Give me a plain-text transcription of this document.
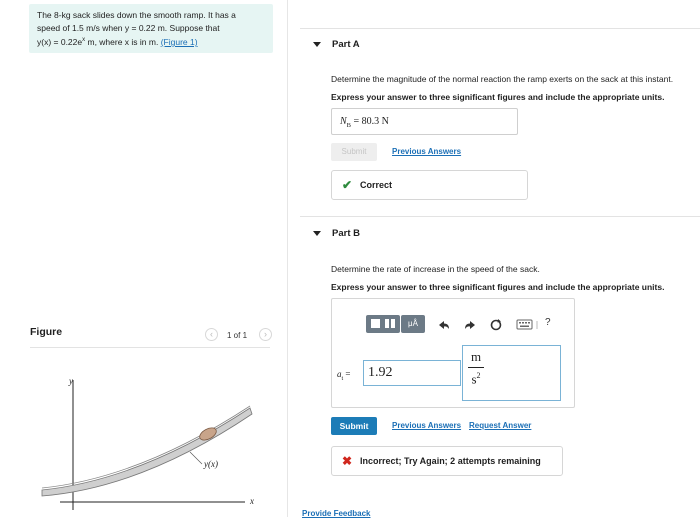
The 8-kg sack slides down the smooth ramp. It has a
speed of 1.5 m/s when y = 0.22 m. Suppose that
$y(x) = 0.22e^x$ m, where x is in m. (Figure 1)	Part A
Determine the magnitude of the normal reaction the ramp exerts on the sack at this instant.
Express your answer to three significant figures and include the appropriate units.
$N_B = 80.3$ N
Submit	Previous Answers
✔ Correct
Part B
Determine the rate of increase in the speed of the sack.
Express your answer to three significant figures and include the appropriate units.
μÅ	?
$a_t$ =	1.92
m
$s^2$
Submit	Previous Answers Request Answer
✖ Incorrect; Try Again; 2 attempts remaining
Provide Feedback
Figure	‹	1 of 1	›
y
x
y(x)
